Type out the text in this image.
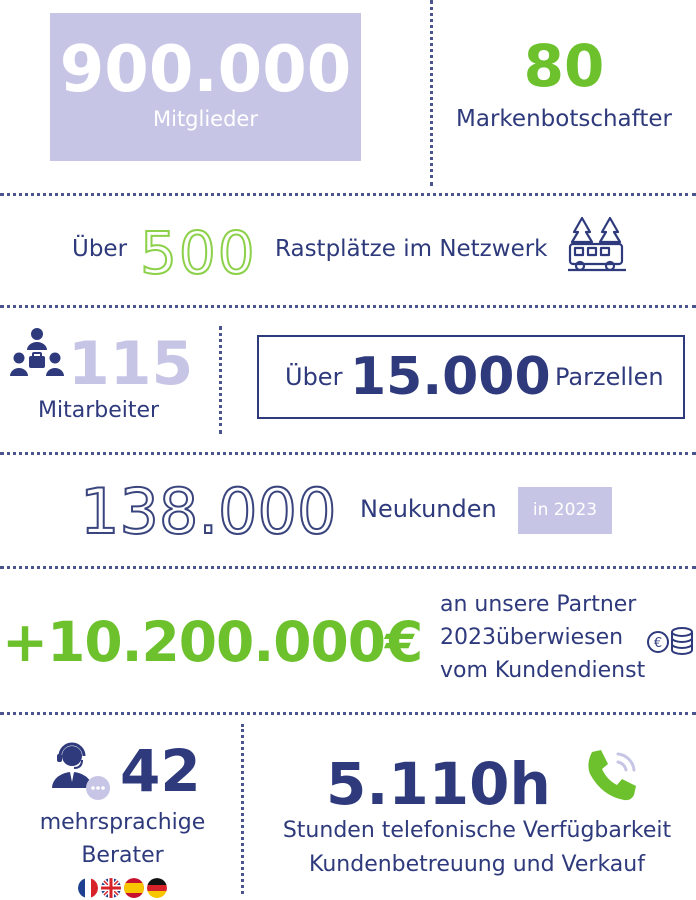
900.000
Mitglieder
80
Markenbotschafter
Über 500 Rastplätze im Netzwerk
115
Mitarbeiter
Über 15.000 Parzellen
138.000 Neukunden	in 2023
+10.200.000€
an unsere Partner
2023überwiesen
vom Kundendienst
€
42
mehrsprachige
Berater
5.110h
Stunden telefonische Verfügbarkeit
Kundenbetreuung und Verkauf
